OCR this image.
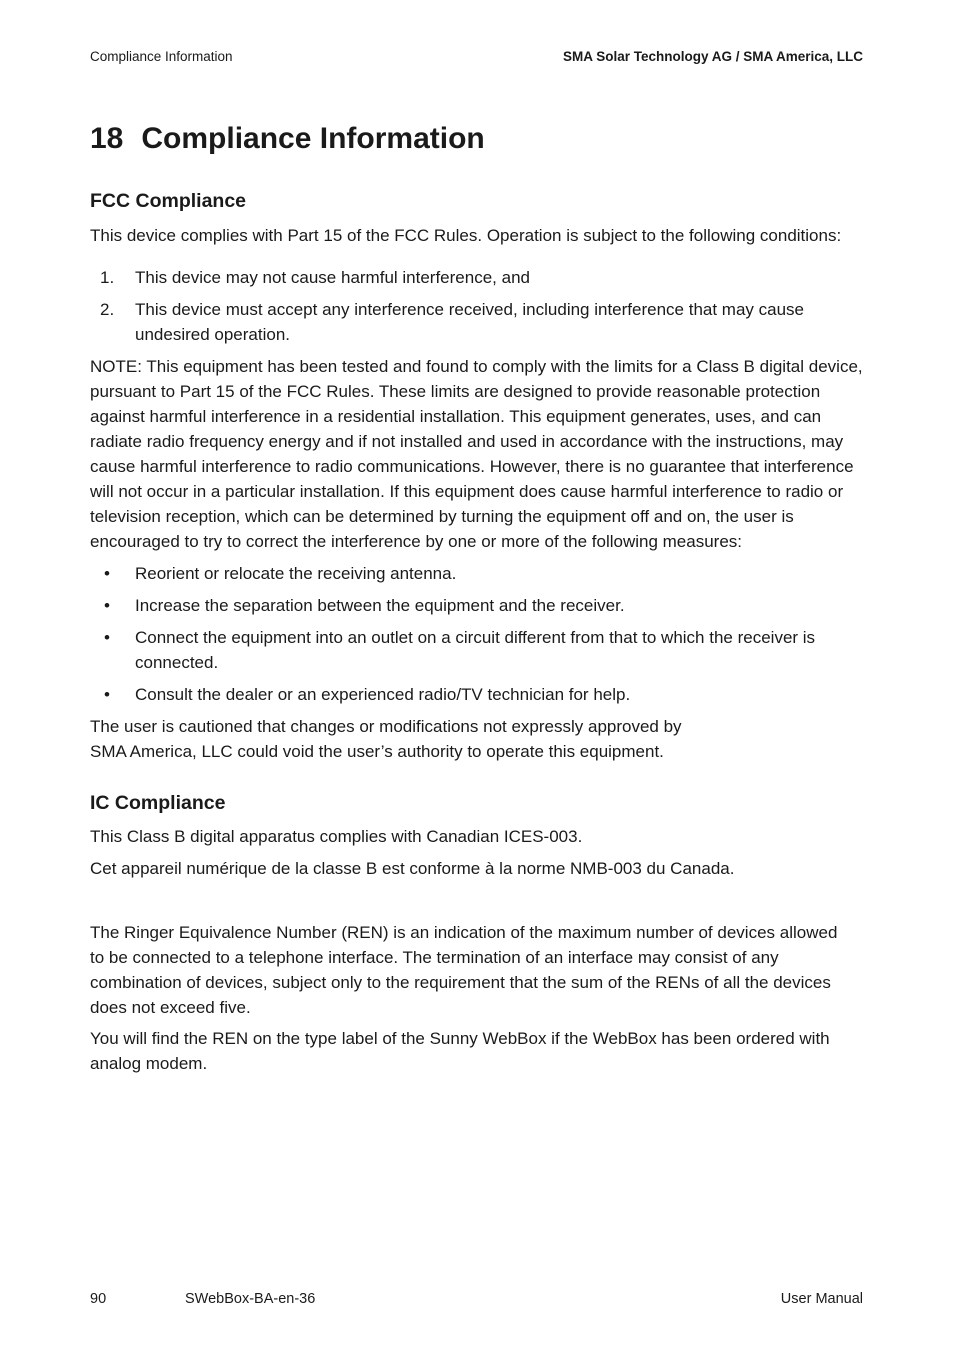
Compliance Information	SMA Solar Technology AG / SMA America, LLC
18 Compliance Information
FCC Compliance

This device complies with Part 15 of the FCC Rules. Operation is subject to the following conditions:

1. This device may not cause harmful interference, and
2. This device must accept any interference received, including interference that may cause undesired operation.

NOTE: This equipment has been tested and found to comply with the limits for a Class B digital device,
pursuant to Part 15 of the FCC Rules. These limits are designed to provide reasonable protection
against harmful interference in a residential installation. This equipment generates, uses, and can
radiate radio frequency energy and if not installed and used in accordance with the instructions, may
cause harmful interference to radio communications. However, there is no guarantee that interference
will not occur in a particular installation. If this equipment does cause harmful interference to radio or
television reception, which can be determined by turning the equipment off and on, the user is
encouraged to try to correct the interference by one or more of the following measures:

• Reorient or relocate the receiving antenna.
• Increase the separation between the equipment and the receiver.
• Connect the equipment into an outlet on a circuit different from that to which the receiver is connected.
• Consult the dealer or an experienced radio/TV technician for help.

The user is cautioned that changes or modifications not expressly approved by
SMA America, LLC could void the user’s authority to operate this equipment.

IC Compliance

This Class B digital apparatus complies with Canadian ICES-003.

Cet appareil numérique de la classe B est conforme à la norme NMB-003 du Canada.

The Ringer Equivalence Number (REN) is an indication of the maximum number of devices allowed to be connected to a telephone interface. The termination of an interface may consist of any combination of devices, subject only to the requirement that the sum of the RENs of all the devices does not exceed five.

You will find the REN on the type label of the Sunny WebBox if the WebBox has been ordered with analog modem.

90	SWebBox-BA-en-36	User Manual
